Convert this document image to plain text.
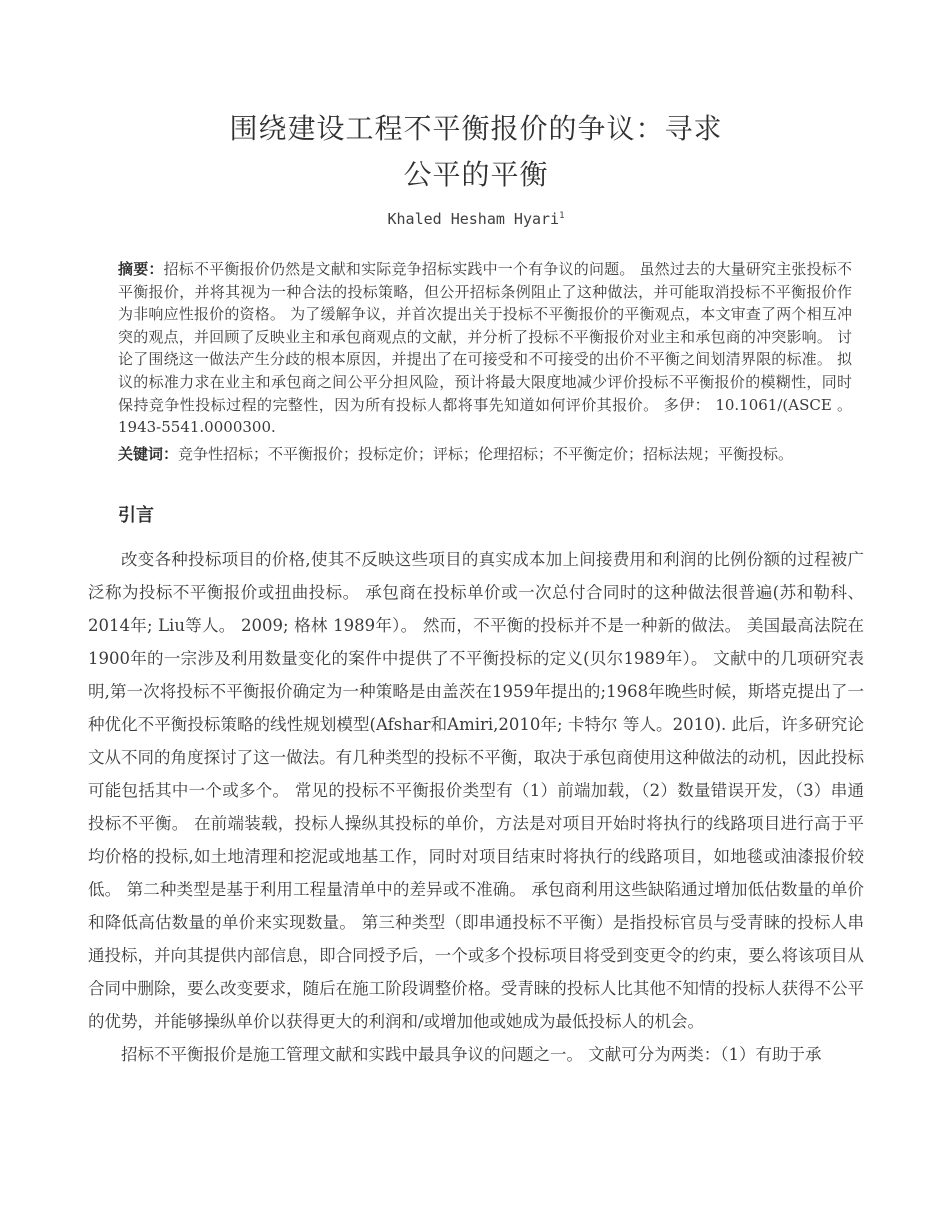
围绕建设工程不平衡报价的争议：寻求
公平的平衡
Khaled Hesham Hyari$^1$

摘要：招标不平衡报价仍然是文献和实际竞争招标实践中一个有争议的问题。 虽然过去的大量研究主张投标不平衡报价，并将其视为一种合法的投标策略，但公开招标条例阻止了这种做法，并可能取消投标不平衡报价作为非响应性报价的资格。 为了缓解争议，并首次提出关于投标不平衡报价的平衡观点，本文审查了两个相互冲突的观点，并回顾了反映业主和承包商观点的文献，并分析了投标不平衡报价对业主和承包商的冲突影响。 讨论了围绕这一做法产生分歧的根本原因，并提出了在可接受和不可接受的出价不平衡之间划清界限的标准。 拟议的标准力求在业主和承包商之间公平分担风险，预计将最大限度地减少评价投标不平衡报价的模糊性，同时保持竞争性投标过程的完整性，因为所有投标人都将事先知道如何评价其报价。 多伊： 10.1061/(ASCE 。 1943-5541.0000300.

关键词：竞争性招标；不平衡报价；投标定价；评标；伦理招标；不平衡定价；招标法规；平衡投标。

引言

改变各种投标项目的价格,使其不反映这些项目的真实成本加上间接费用和利润的比例份额的过程被广泛称为投标不平衡报价或扭曲投标。 承包商在投标单价或一次总付合同时的这种做法很普遍(苏和勒科、 2014年; Liu等人。 2009; 格林 1989年）。 然而，不平衡的投标并不是一种新的做法。 美国最高法院在1900年的一宗涉及利用数量变化的案件中提供了不平衡投标的定义(贝尔1989年）。 文献中的几项研究表明,第一次将投标不平衡报价确定为一种策略是由盖茨在1959年提出的;1968年晚些时候，斯塔克提出了一种优化不平衡投标策略的线性规划模型(Afshar和Amiri,2010年; 卡特尔 等人。2010). 此后，许多研究论文从不同的角度探讨了这一做法。有几种类型的投标不平衡，取决于承包商使用这种做法的动机，因此投标可能包括其中一个或多个。 常见的投标不平衡报价类型有（1）前端加载，（2）数量错误开发，（3）串通投标不平衡。 在前端装载，投标人操纵其投标的单价，方法是对项目开始时将执行的线路项目进行高于平均价格的投标,如土地清理和挖泥或地基工作，同时对项目结束时将执行的线路项目，如地毯或油漆报价较低。 第二种类型是基于利用工程量清单中的差异或不准确。 承包商利用这些缺陷通过增加低估数量的单价和降低高估数量的单价来实现数量。 第三种类型（即串通投标不平衡）是指投标官员与受青睐的投标人串通投标，并向其提供内部信息，即合同授予后，一个或多个投标项目将受到变更令的约束，要么将该项目从合同中删除，要么改变要求，随后在施工阶段调整价格。受青睐的投标人比其他不知情的投标人获得不公平的优势，并能够操纵单价以获得更大的利润和/或增加他或她成为最低投标人的机会。

招标不平衡报价是施工管理文献和实践中最具争议的问题之一。 文献可分为两类：（1）有助于承
